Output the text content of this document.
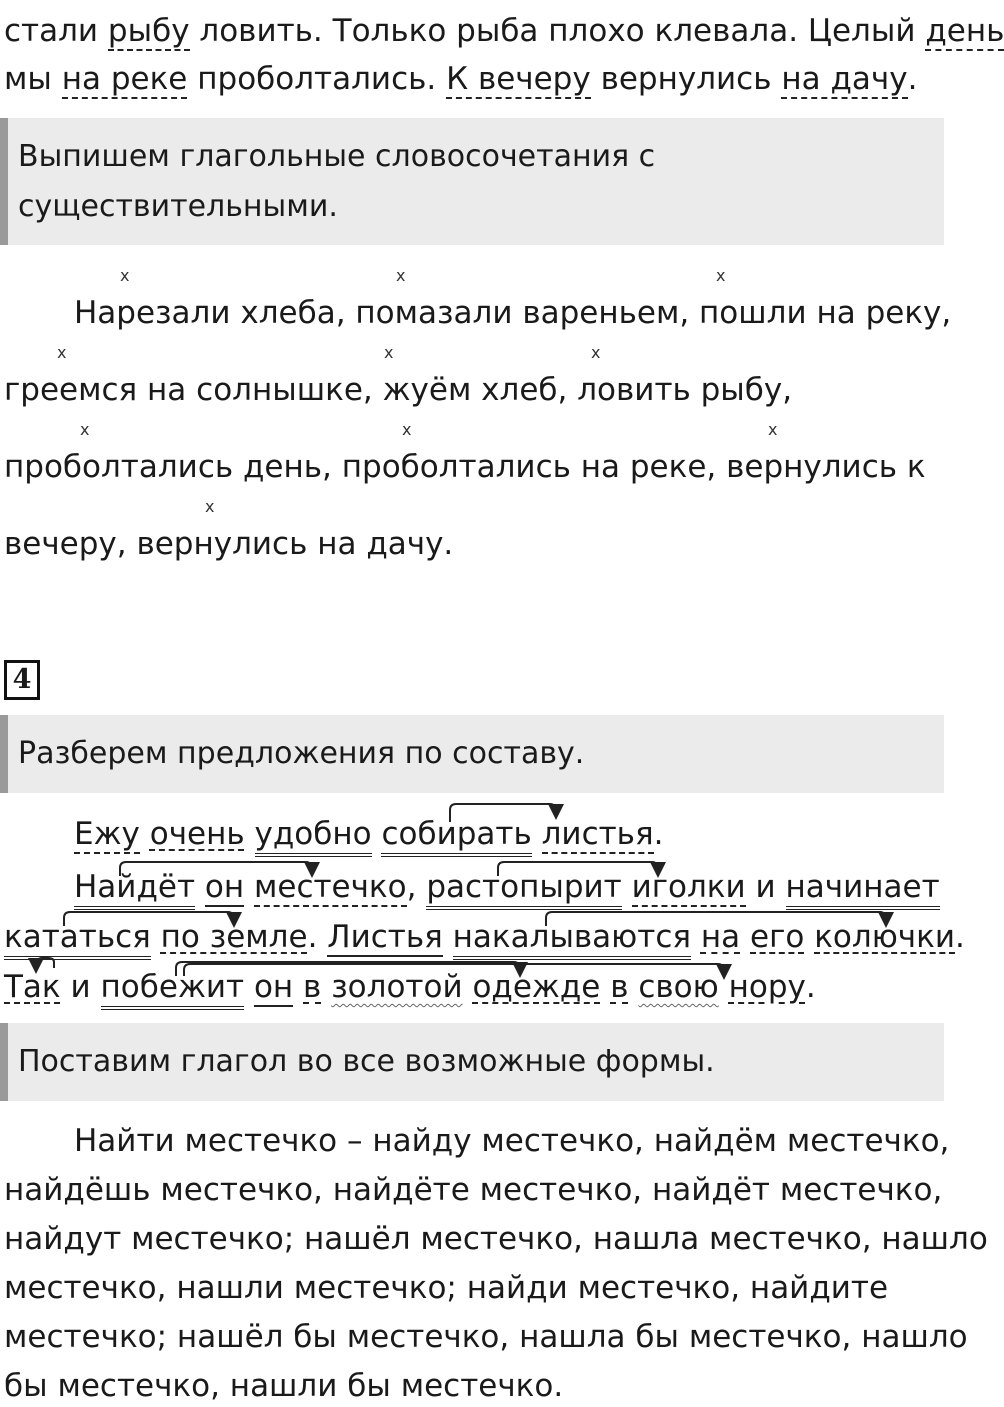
стали рыбу ловить. Только рыба плохо клевала. Целый день
мы на реке проболтались. К вечеру вернулись на дачу.
Выпишем глагольные словосочетания с
существительными.
x	x	x
x	x	x
x	x	x
x
Нарезали хлеба, помазали вареньем, пошли на реку,
греемся на солнышке, жуём хлеб, ловить рыбу,
проболтались день, проболтались на реке, вернулись к
вечеру, вернулись на дачу.
4
Разберем предложения по составу.
Ежу очень удобно собирать листья.
Найдёт он местечко, растопырит иголки и начинает
кататься по земле. Листья накалываются на его колючки.
Так и побежит он в золотой одежде в свою нору.
Поставим глагол во все возможные формы.
Найти местечко – найду местечко, найдём местечко,
найдёшь местечко, найдёте местечко, найдёт местечко,
найдут местечко; нашёл местечко, нашла местечко, нашло
местечко, нашли местечко; найди местечко, найдите
местечко; нашёл бы местечко, нашла бы местечко, нашло
бы местечко, нашли бы местечко.
